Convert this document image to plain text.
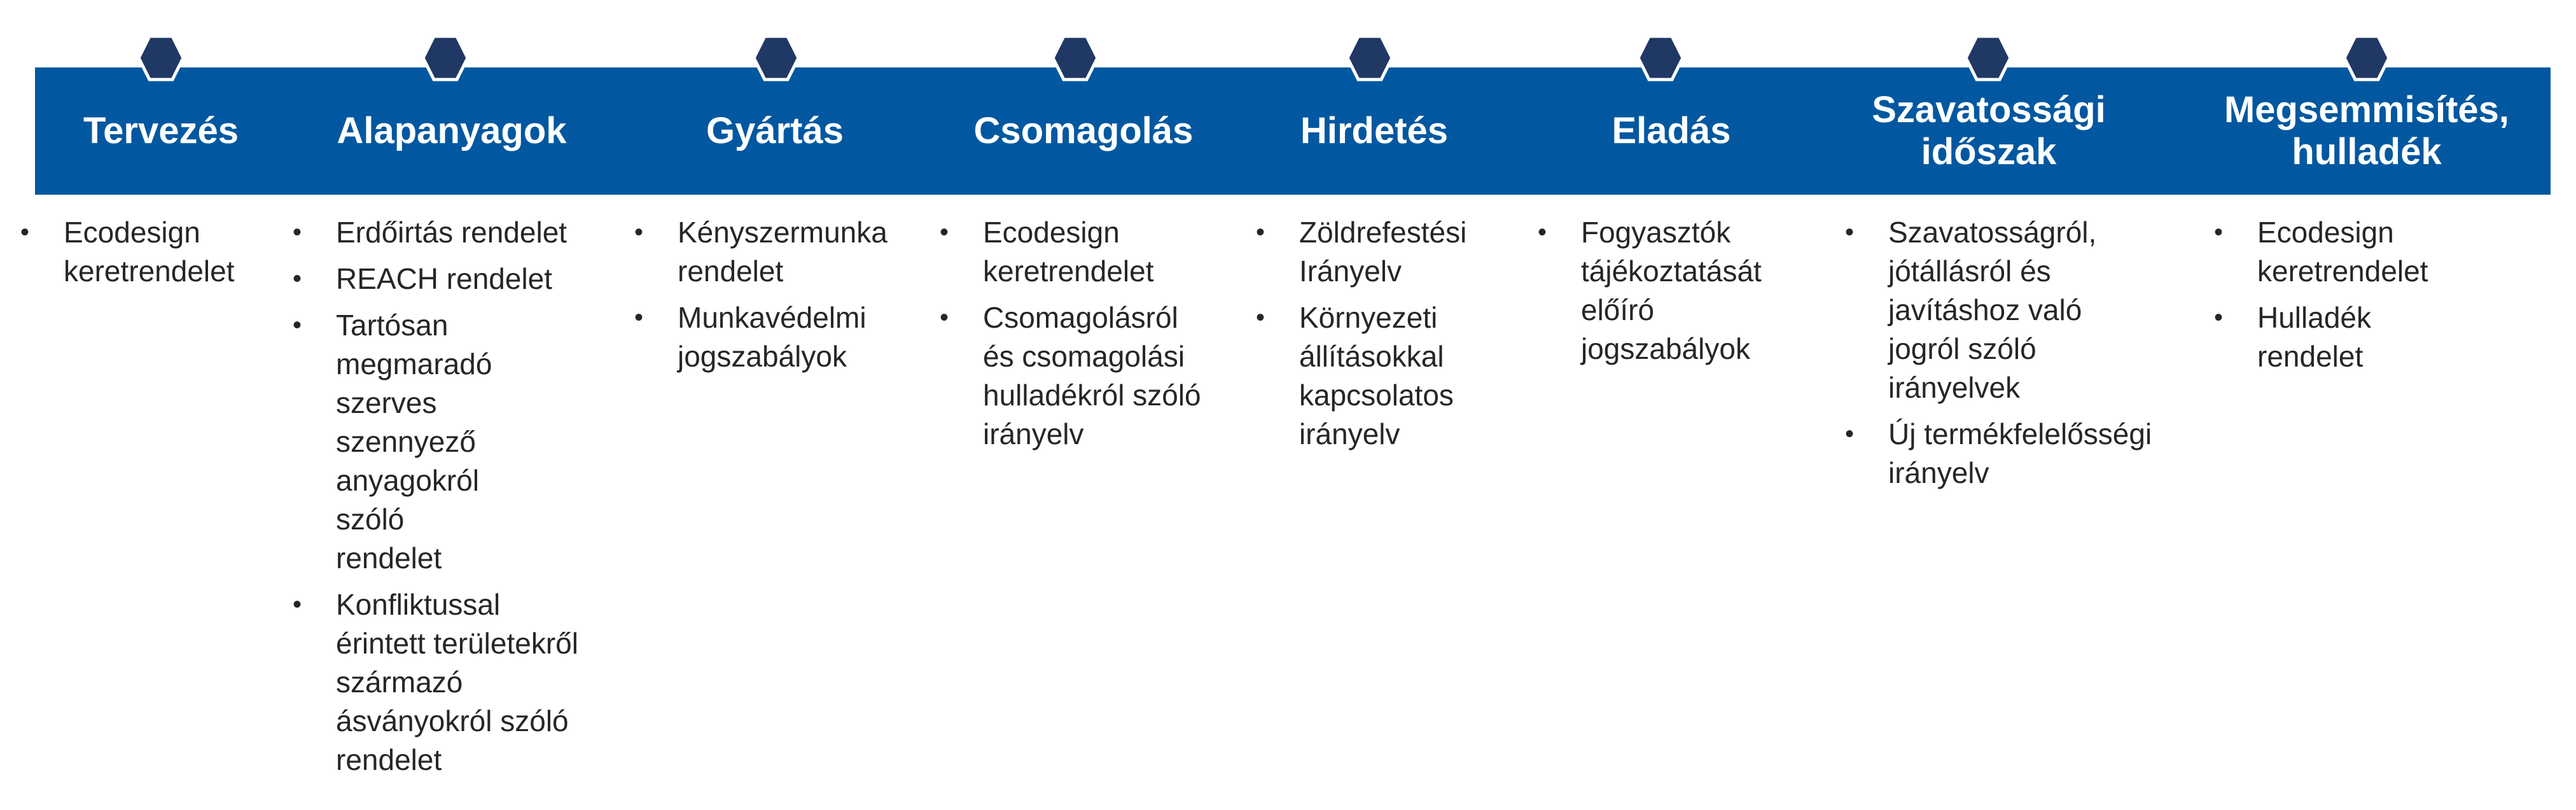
Tervezés
• Ecodesign keretrendelet
Alapanyagok
• Erdőirtás rendelet
• REACH rendelet
• Tartósan megmaradó szerves szennyező anyagokról szóló rendelet
• Konfliktussal érintett területekről származó ásványokról szóló rendelet
Gyártás
• Kényszermunka rendelet
• Munkavédelmi jogszabályok
Csomagolás
• Ecodesign keretrendelet
• Csomagolásról és csomagolási hulladékról szóló irányelv
Hirdetés
• Zöldrefestési Irányelv
• Környezeti állításokkal kapcsolatos irányelv
Eladás
• Fogyasztók tájékoztatását előíró jogszabályok
Szavatossági időszak
• Szavatosságról, jótállásról és javításhoz való jogról szóló irányelvek
• Új termékfelelősségi irányelv
Megsemmisítés, hulladék
• Ecodesign keretrendelet
• Hulladék rendelet
